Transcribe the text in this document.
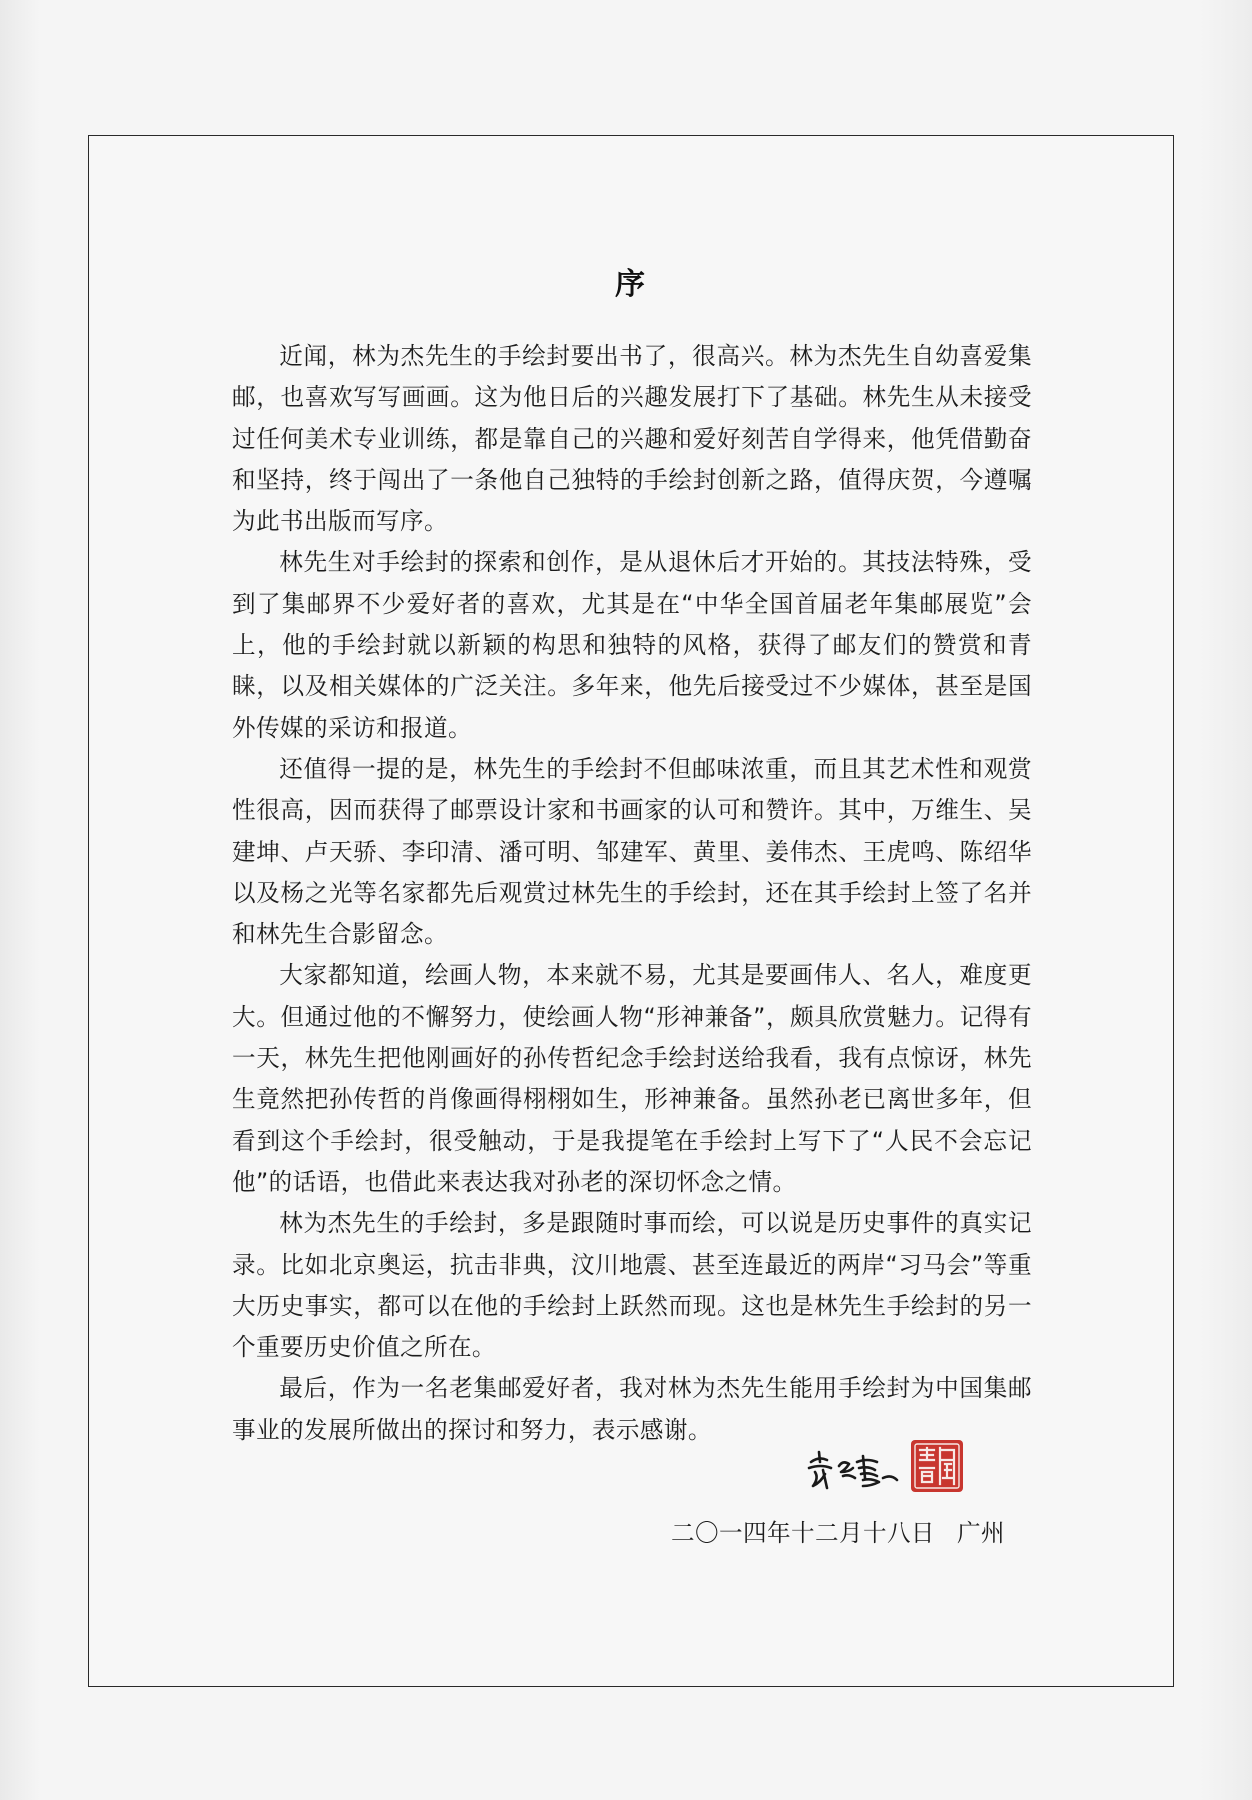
序

近闻，林为杰先生的手绘封要出书了，很高兴。林为杰先生自幼喜爱集邮，也喜欢写写画画。这为他日后的兴趣发展打下了基础。林先生从未接受过任何美术专业训练，都是靠自己的兴趣和爱好刻苦自学得来，他凭借勤奋和坚持，终于闯出了一条他自己独特的手绘封创新之路，值得庆贺，今遵嘱为此书出版而写序。

林先生对手绘封的探索和创作，是从退休后才开始的。其技法特殊，受到了集邮界不少爱好者的喜欢，尤其是在“中华全国首届老年集邮展览”会上，他的手绘封就以新颖的构思和独特的风格，获得了邮友们的赞赏和青睐，以及相关媒体的广泛关注。多年来，他先后接受过不少媒体，甚至是国外传媒的采访和报道。

还值得一提的是，林先生的手绘封不但邮味浓重，而且其艺术性和观赏性很高，因而获得了邮票设计家和书画家的认可和赞许。其中，万维生、吴建坤、卢天骄、李印清、潘可明、邹建军、黄里、姜伟杰、王虎鸣、陈绍华以及杨之光等名家都先后观赏过林先生的手绘封，还在其手绘封上签了名并和林先生合影留念。

大家都知道，绘画人物，本来就不易，尤其是要画伟人、名人，难度更大。但通过他的不懈努力，使绘画人物“形神兼备”，颇具欣赏魅力。记得有一天，林先生把他刚画好的孙传哲纪念手绘封送给我看，我有点惊讶，林先生竟然把孙传哲的肖像画得栩栩如生，形神兼备。虽然孙老已离世多年，但看到这个手绘封，很受触动，于是我提笔在手绘封上写下了“人民不会忘记他”的话语，也借此来表达我对孙老的深切怀念之情。

林为杰先生的手绘封，多是跟随时事而绘，可以说是历史事件的真实记录。比如北京奥运，抗击非典，汶川地震、甚至连最近的两岸“习马会”等重大历史事实，都可以在他的手绘封上跃然而现。这也是林先生手绘封的另一个重要历史价值之所在。

最后，作为一名老集邮爱好者，我对林为杰先生能用手绘封为中国集邮事业的发展所做出的探讨和努力，表示感谢。

二〇一四年十二月十八日 广州
